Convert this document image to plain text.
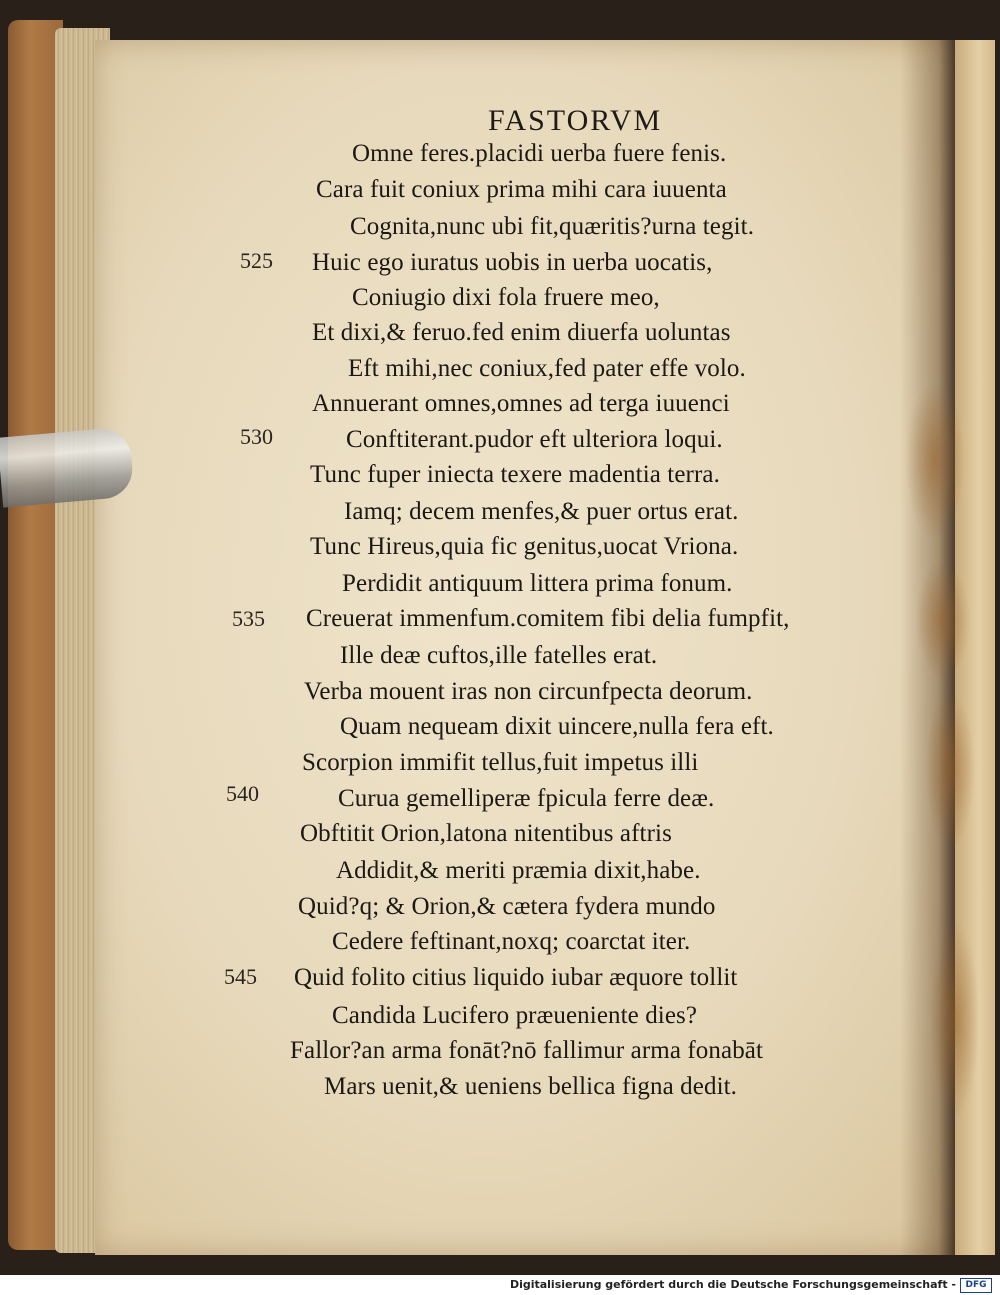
FASTORVM
Omne feres.placidi uerba fuere fenis.
Cara fuit coniux prima mihi cara iuuenta
Cognita,nunc ubi fit,quæritis?urna tegit.
Huic ego iuratus uobis in uerba uocatis,
Coniugio dixi fola fruere meo,
Et dixi,& feruo.fed enim diuerfa uoluntas
Eft mihi,nec coniux,fed pater effe volo.
Annuerant omnes,omnes ad terga iuuenci
Conftiterant.pudor eft ulteriora loqui.
Tunc fuper iniecta texere madentia terra.
Iamq; decem menfes,& puer ortus erat.
Tunc Hireus,quia fic genitus,uocat Vriona.
Perdidit antiquum littera prima fonum.
Creuerat immenfum.comitem fibi delia fumpfit,
Ille deæ cuftos,ille fatelles erat.
Verba mouent iras non circunfpecta deorum.
Quam nequeam dixit uincere,nulla fera eft.
Scorpion immifit tellus,fuit impetus illi
Curua gemelliperæ fpicula ferre deæ.
Obftitit Orion,latona nitentibus aftris
Addidit,& meriti præmia dixit,habe.
Quid?q; & Orion,& cætera fydera mundo
Cedere feftinant,noxq; coarctat iter.
Quid folito citius liquido iubar æquore tollit
Candida Lucifero præueniente dies?
Fallor?an arma fonāt?nō fallimur arma fonabāt
Mars uenit,& ueniens bellica figna dedit.
525
530
535
540
545
Digitalisierung gefördert durch die Deutsche Forschungsgemeinschaft -	DFG
